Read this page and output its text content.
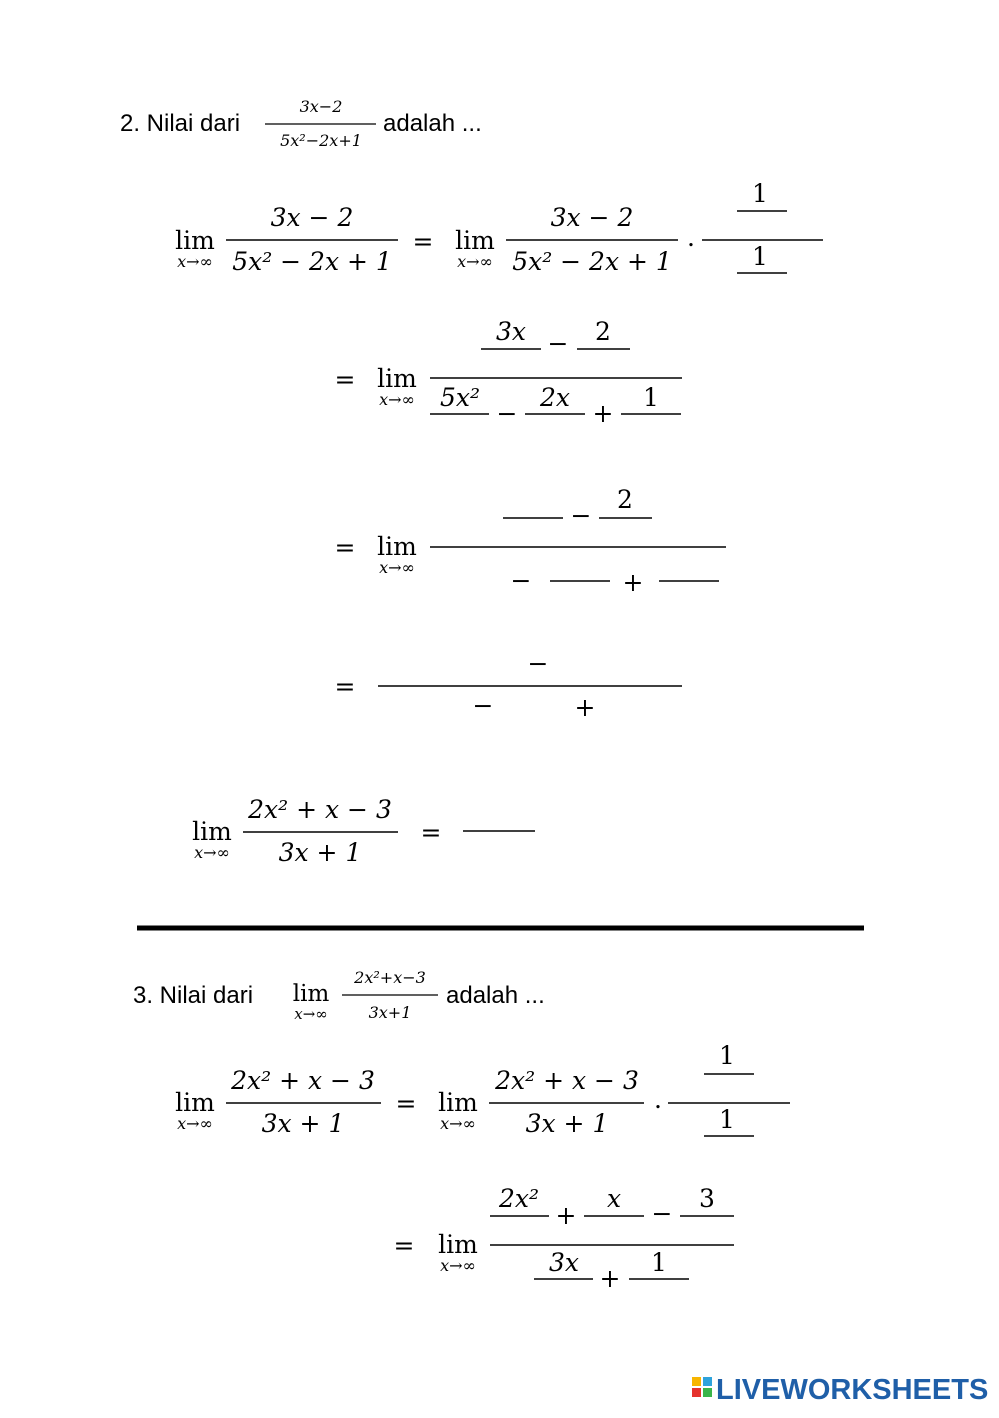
2. Nilai dari
3x−2
5x²−2x+1
adalah ...
lim
x→∞
3x − 2
5x² − 2x + 1
= lim
x→∞
3x − 2
5x² − 2x + 1
.
1
1
= lim
x→∞
3x − 2
5x²
−
2x
+
1
= lim
x→∞
−
2
−	+
=
−
−	+
lim
x→∞
2x² + x − 3
3x + 1
=
3. Nilai dari lim
x→∞
2x²+x−3
3x+1
adalah ...
lim
x→∞
2x² + x − 3
3x + 1
= lim
x→∞
2x² + x − 3
3x + 1
.
1
1
= lim
x→∞
2x²
+
x
−
3
3x
+
1
LIVEWORKSHEETS
